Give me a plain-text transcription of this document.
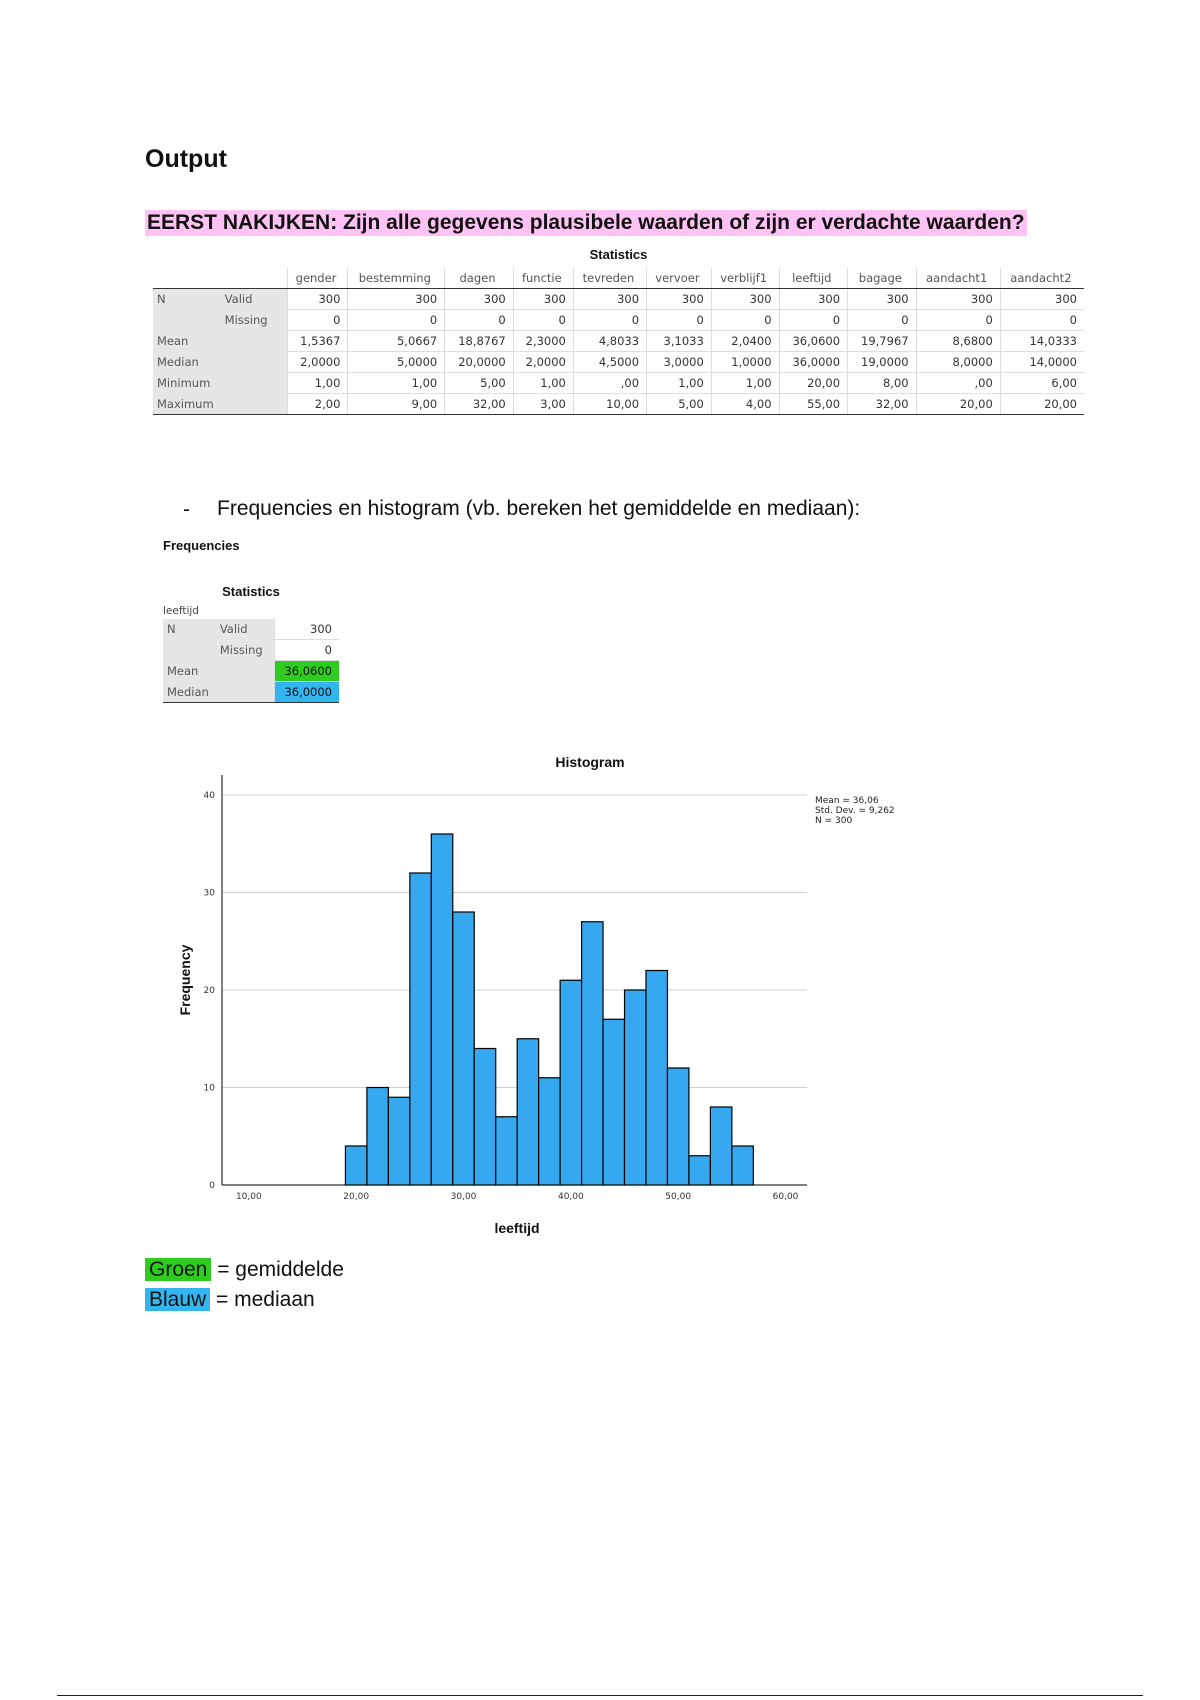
Output

EERST NAKIJKEN: Zijn alle gegevens plausibele waarden of zijn er verdachte waarden?

Statistics
		gender	bestemming	dagen	functie	tevreden	vervoer	verblijf1	leeftijd	bagage	aandacht1	aandacht2
N	Valid	300	300	300	300	300	300	300	300	300	300	300
	Missing	0	0	0	0	0	0	0	0	0	0	0
Mean		1,5367	5,0667	18,8767	2,3000	4,8033	3,1033	2,0400	36,0600	19,7967	8,6800	14,0333
Median		2,0000	5,0000	20,0000	2,0000	4,5000	3,0000	1,0000	36,0000	19,0000	8,0000	14,0000
Minimum		1,00	1,00	5,00	1,00	,00	1,00	1,00	20,00	8,00	,00	6,00
Maximum		2,00	9,00	32,00	3,00	10,00	5,00	4,00	55,00	32,00	20,00	20,00
- Frequencies en histogram (vb. bereken het gemiddelde en mediaan):
Frequencies
Statistics
leeftijd
N	Valid	300
	Missing	0
Mean		36,0600
Median		36,0000
0
10
20
30
40
10,00	20,00	30,00	40,00	50,00	60,00
Histogram
leeftijd
Frequency
Mean = 36,06
Std. Dev. = 9,262
N = 300
Groen = gemiddelde
Blauw = mediaan
